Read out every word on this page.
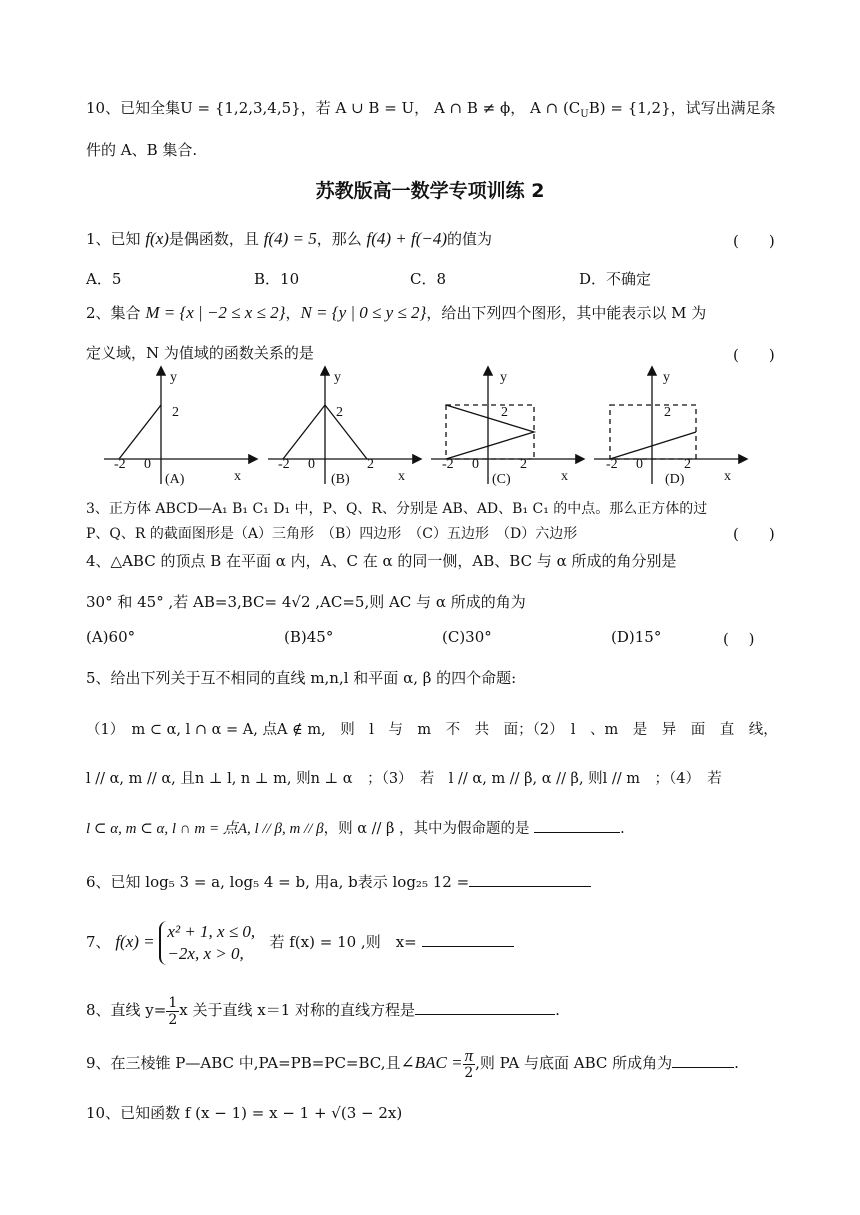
10、已知全集U = {1,2,3,4,5}，若 A ∪ B = U， A ∩ B ≠ ϕ， A ∩ $(C_UB) = \{1,2\}$，试写出满足条
件的 A、B 集合.
苏教版高一数学专项训练 2
1、已知 f(x)是偶函数，且 f(4) = 5，那么 f(4) + f(−4)的值为	(　　)
A．5	B．10	C．8	D．不确定
2、集合 M = {x | −2 ≤ x ≤ 2}，N = {y | 0 ≤ y ≤ 2}，给出下列四个图形，其中能表示以 M 为
定义域，N 为值域的函数关系的是	(　　)
y
2
-2 0
(A)	x
y
2
-2 0	2
(B)	x
y
2
-2 0	2
(C)	x
y
2
-2 0	2
(D)	x
3、正方体 ABCD—A₁ B₁ C₁ D₁ 中，P、Q、R、分别是 AB、AD、B₁ C₁ 的中点。那么正方体的过
P、Q、R 的截面图形是（A）三角形　（B）四边形　（C）五边形　（D）六边形	(　　)
4、△ABC 的顶点 B 在平面 α 内，A、C 在 α 的同一侧，AB、BC 与 α 所成的角分别是
30° 和 45° ,若 AB=3,BC= 4√2 ,AC=5,则 AC 与 α 所成的角为
(A)60°	(B)45°	(C)30°	(D)15°	(　 )
5、给出下列关于互不相同的直线 m,n,l 和平面 α, β 的四个命题:
（1）　m ⊂ α, l ∩ α = A, 点A ∉ m,　则　l　与　m　不　共　面；（2）　l　、m　是　异　面　直　线，
l // α, m // α, 且n ⊥ l, n ⊥ m, 则n ⊥ α　；（3）　若　l // α, m // β, α // β, 则l // m　；（4）　若
l ⊂ α, m ⊂ α, l ∩ m = 点A, l // β, m // β，则 α // β ，其中为假命题的是	.
6、已知 log₅ 3 = a, log₅ 4 = b, 用a, b表示 log₂₅ 12 =
7、 f(x) =
x² + 1, x ≤ 0,
−2x, x > 0,
若 f(x) = 10 ,则　x=
8、直线 $y= \frac{1}{2}$ x 关于直线 x＝1 对称的直线方程是	.
9、在三棱锥 P—ABC 中,PA=PB=PC=BC,且∠BAC = $\frac{\pi}{2}$ ,则 PA 与底面 ABC 所成角为	.
10、已知函数 f (x − 1) = x − 1 + √(3 − 2x)
